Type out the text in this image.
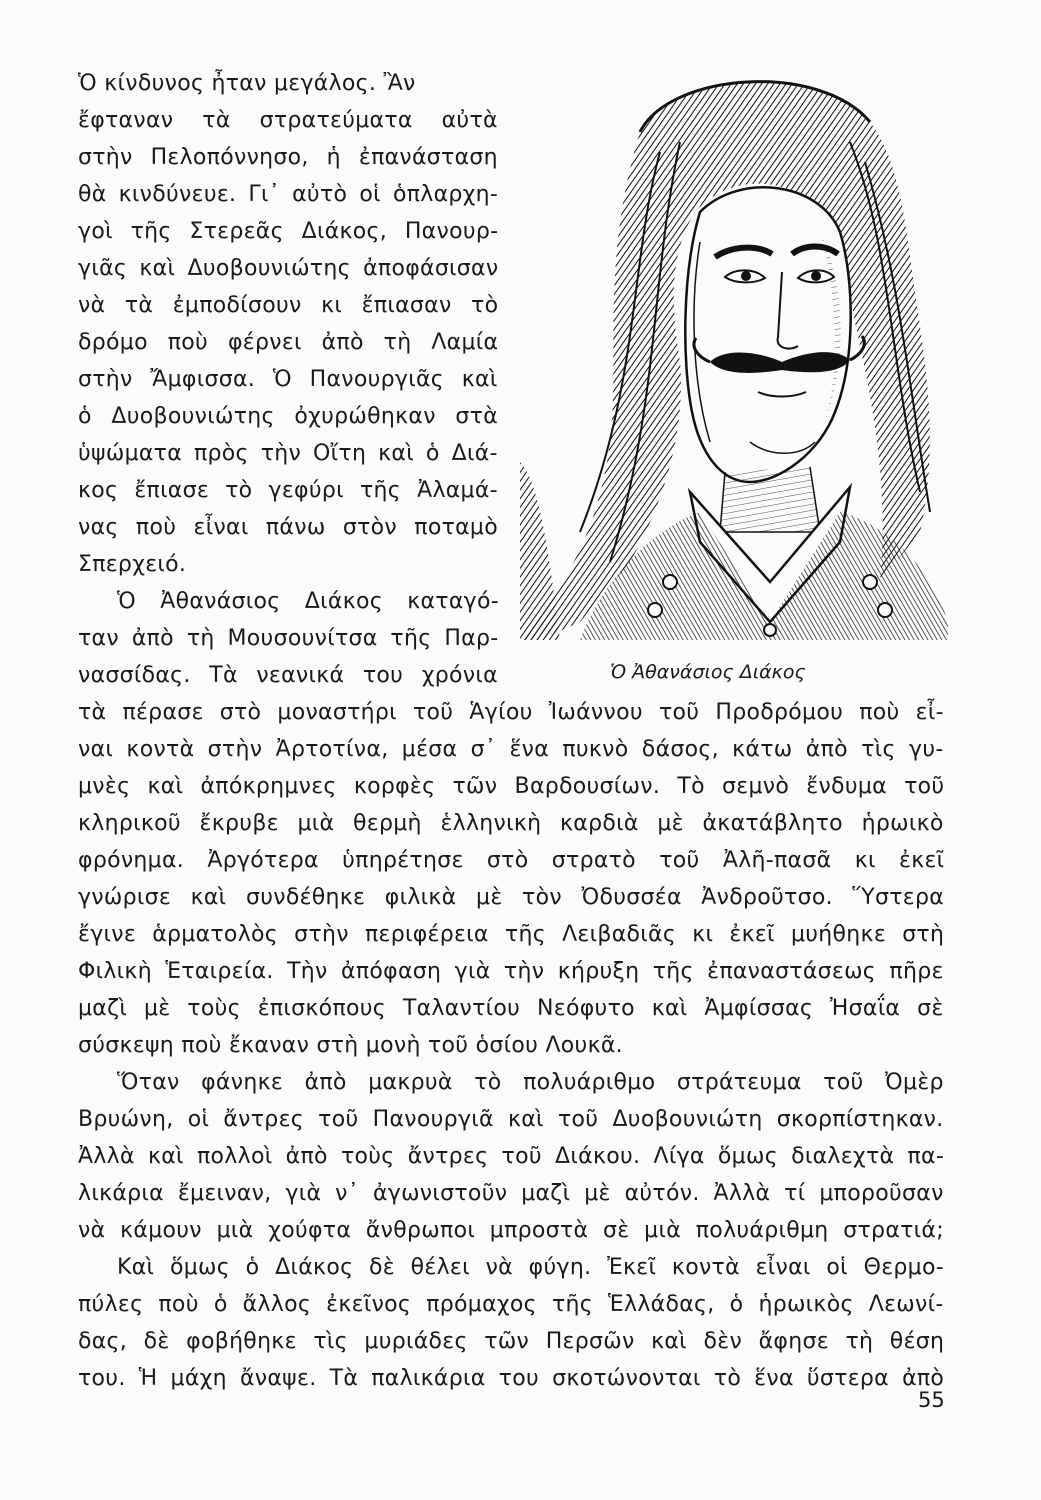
Ὁ κίνδυνος ἦταν μεγάλος. Ἂν
ἔφταναν τὰ στρατεύματα αὐτὰ
στὴν Πελοπόννησο, ἡ ἐπανάσταση
θὰ κινδύνευε. Γι᾽ αὐτὸ οἱ ὁπλαρχη-
γοὶ τῆς Στερεᾶς Διάκος, Πανουρ-
γιᾶς καὶ Δυοβουνιώτης ἀποφάσισαν
νὰ τὰ ἐμποδίσουν κι ἔπιασαν τὸ
δρόμο ποὺ φέρνει ἀπὸ τὴ Λαμία
στὴν Ἄμφισσα. Ὁ Πανουργιᾶς καὶ
ὁ Δυοβουνιώτης ὀχυρώθηκαν στὰ
ὑψώματα πρὸς τὴν Οἴτη καὶ ὁ Διά-
κος ἔπιασε τὸ γεφύρι τῆς Ἀλαμά-
νας ποὺ εἶναι πάνω στὸν ποταμὸ
Σπερχειό.
Ὁ Ἀθανάσιος Διάκος καταγό-
ταν ἀπὸ τὴ Μουσουνίτσα τῆς Παρ-
νασσίδας. Τὰ νεανικά του χρόνια	Ὁ Ἀθανάσιος Διάκος
τὰ πέρασε στὸ μοναστήρι τοῦ Ἁγίου Ἰωάννου τοῦ Προδρόμου ποὺ εἶ-
ναι κοντὰ στὴν Ἀρτοτίνα, μέσα σ᾽ ἕνα πυκνὸ δάσος, κάτω ἀπὸ τὶς γυ-
μνὲς καὶ ἀπόκρημνες κορφὲς τῶν Βαρδουσίων. Τὸ σεμνὸ ἔνδυμα τοῦ
κληρικοῦ ἔκρυβε μιὰ θερμὴ ἑλληνικὴ καρδιὰ μὲ ἀκατάβλητο ἡρωικὸ
φρόνημα. Ἀργότερα ὑπηρέτησε στὸ στρατὸ τοῦ Ἀλῆ-πασᾶ κι ἐκεῖ
γνώρισε καὶ συνδέθηκε φιλικὰ μὲ τὸν Ὀδυσσέα Ἀνδροῦτσο. Ὕστερα
ἔγινε ἁρματολὸς στὴν περιφέρεια τῆς Λειβαδιᾶς κι ἐκεῖ μυήθηκε στὴ
Φιλικὴ Ἑταιρεία. Τὴν ἀπόφαση γιὰ τὴν κήρυξη τῆς ἐπαναστάσεως πῆρε
μαζὶ μὲ τοὺς ἐπισκόπους Ταλαντίου Νεόφυτο καὶ Ἀμφίσσας Ἠσαΐα σὲ
σύσκεψη ποὺ ἔκαναν στὴ μονὴ τοῦ ὁσίου Λουκᾶ.
Ὅταν φάνηκε ἀπὸ μακρυὰ τὸ πολυάριθμο στράτευμα τοῦ Ὀμὲρ
Βρυώνη, οἱ ἄντρες τοῦ Πανουργιᾶ καὶ τοῦ Δυοβουνιώτη σκορπίστηκαν.
Ἀλλὰ καὶ πολλοὶ ἀπὸ τοὺς ἄντρες τοῦ Διάκου. Λίγα ὅμως διαλεχτὰ πα-
λικάρια ἔμειναν, γιὰ ν᾽ ἀγωνιστοῦν μαζὶ μὲ αὐτόν. Ἀλλὰ τί μποροῦσαν
νὰ κάμουν μιὰ χούφτα ἄνθρωποι μπροστὰ σὲ μιὰ πολυάριθμη στρατιά;
Καὶ ὅμως ὁ Διάκος δὲ θέλει νὰ φύγη. Ἐκεῖ κοντὰ εἶναι οἱ Θερμο-
πύλες ποὺ ὁ ἄλλος ἐκεῖνος πρόμαχος τῆς Ἑλλάδας, ὁ ἡρωικὸς Λεωνί-
δας, δὲ φοβήθηκε τὶς μυριάδες τῶν Περσῶν καὶ δὲν ἄφησε τὴ θέση
του. Ἡ μάχη ἄναψε. Τὰ παλικάρια του σκοτώνονται τὸ ἕνα ὕστερα ἀπὸ
55
